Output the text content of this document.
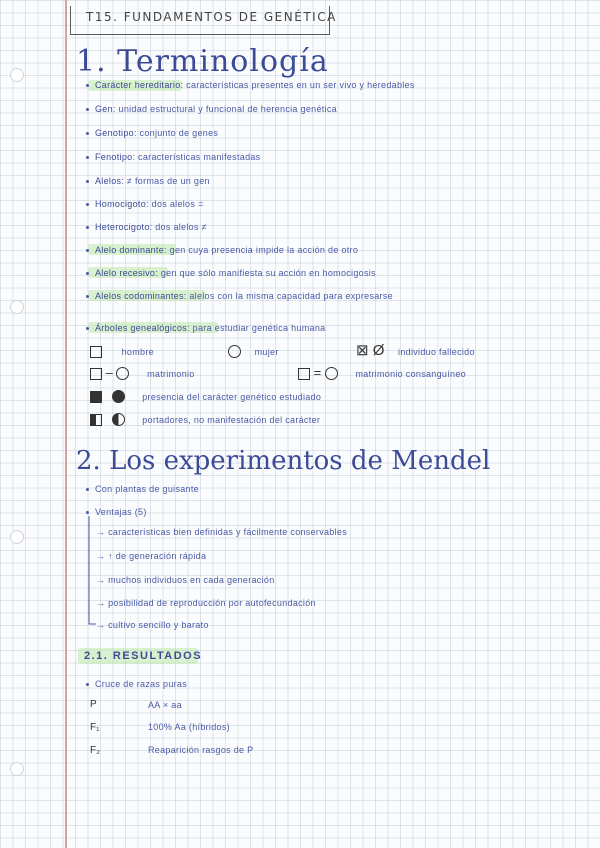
T15. FUNDAMENTOS DE GENÉTICA
1. Terminología
Carácter hereditario: características presentes en un ser vivo y heredables
Gen: unidad estructural y funcional de herencia genética
Genotipo: conjunto de genes
Fenotipo: características manifestadas
Alelos: ≠ formas de un gen
Homocigoto: dos alelos =
Heterocigoto: dos alelos ≠
Alelo dominante: gen cuya presencia impide la acción de otro
Alelo recesivo: gen que sólo manifiesta su acción en homocigosis
Alelos codominantes: alelos con la misma capacidad para expresarse
Árboles genealógicos: para estudiar genética humana
hombre	mujer	⊠ Ø individuo fallecido
–	matrimonio	=	matrimonio consanguíneo
presencia del carácter genético estudiado
portadores, no manifestación del carácter
2. Los experimentos de Mendel
Con plantas de guisante
Ventajas (5)
→ características bien definidas y fácilmente conservables
→ ↑ de generación rápida
→ muchos individuos en cada generación
→ posibilidad de reproducción por autofecundación
→ cultivo sencillo y barato
2.1. RESULTADOS
Cruce de razas puras
P	AA × aa
F₁	100% Aa (híbridos)
F₂	Reaparición rasgos de P
